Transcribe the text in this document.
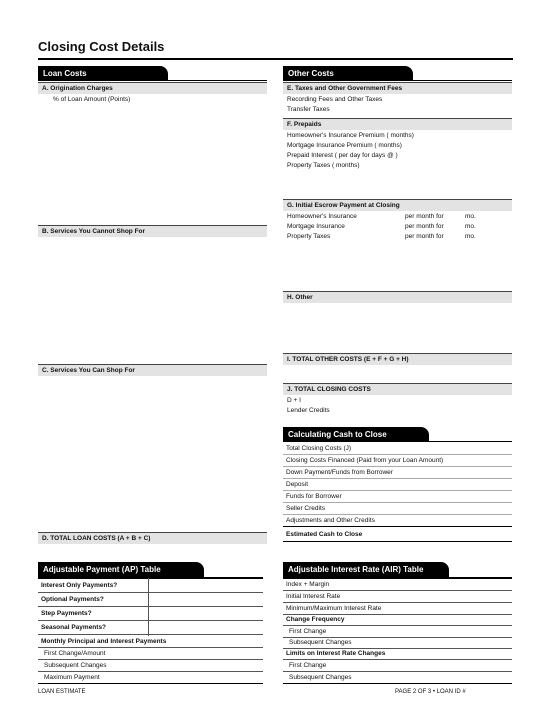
Closing Cost Details
Loan Costs
A. Origination Charges
% of Loan Amount (Points)
B. Services You Cannot Shop For
C. Services You Can Shop For
D. TOTAL LOAN COSTS (A + B + C)
Other Costs
E. Taxes and Other Government Fees
Recording Fees and Other Taxes
Transfer Taxes
F. Prepaids
Homeowner's Insurance Premium ( months)
Mortgage Insurance Premium ( months)
Prepaid Interest ( per day for days @ )
Property Taxes ( months)
G. Initial Escrow Payment at Closing
Homeowner's Insurance	per month for	mo.
Mortgage Insurance	per month for	mo.
Property Taxes	per month for	mo.
H. Other
I. TOTAL OTHER COSTS (E + F + G + H)
J. TOTAL CLOSING COSTS
D + I
Lender Credits
Calculating Cash to Close
Total Closing Costs (J)
Closing Costs Financed (Paid from your Loan Amount)
Down Payment/Funds from Borrower
Deposit
Funds for Borrower
Seller Credits
Adjustments and Other Credits
Estimated Cash to Close
Adjustable Payment (AP) Table
Interest Only Payments?
Optional Payments?
Step Payments?
Seasonal Payments?
Monthly Principal and Interest Payments
First Change/Amount
Subsequent Changes
Maximum Payment
Adjustable Interest Rate (AIR) Table
Index + Margin
Initial Interest Rate
Minimum/Maximum Interest Rate
Change Frequency
First Change
Subsequent Changes
Limits on Interest Rate Changes
First Change
Subsequent Changes
LOAN ESTIMATE	PAGE 2 OF 3 • LOAN ID #
